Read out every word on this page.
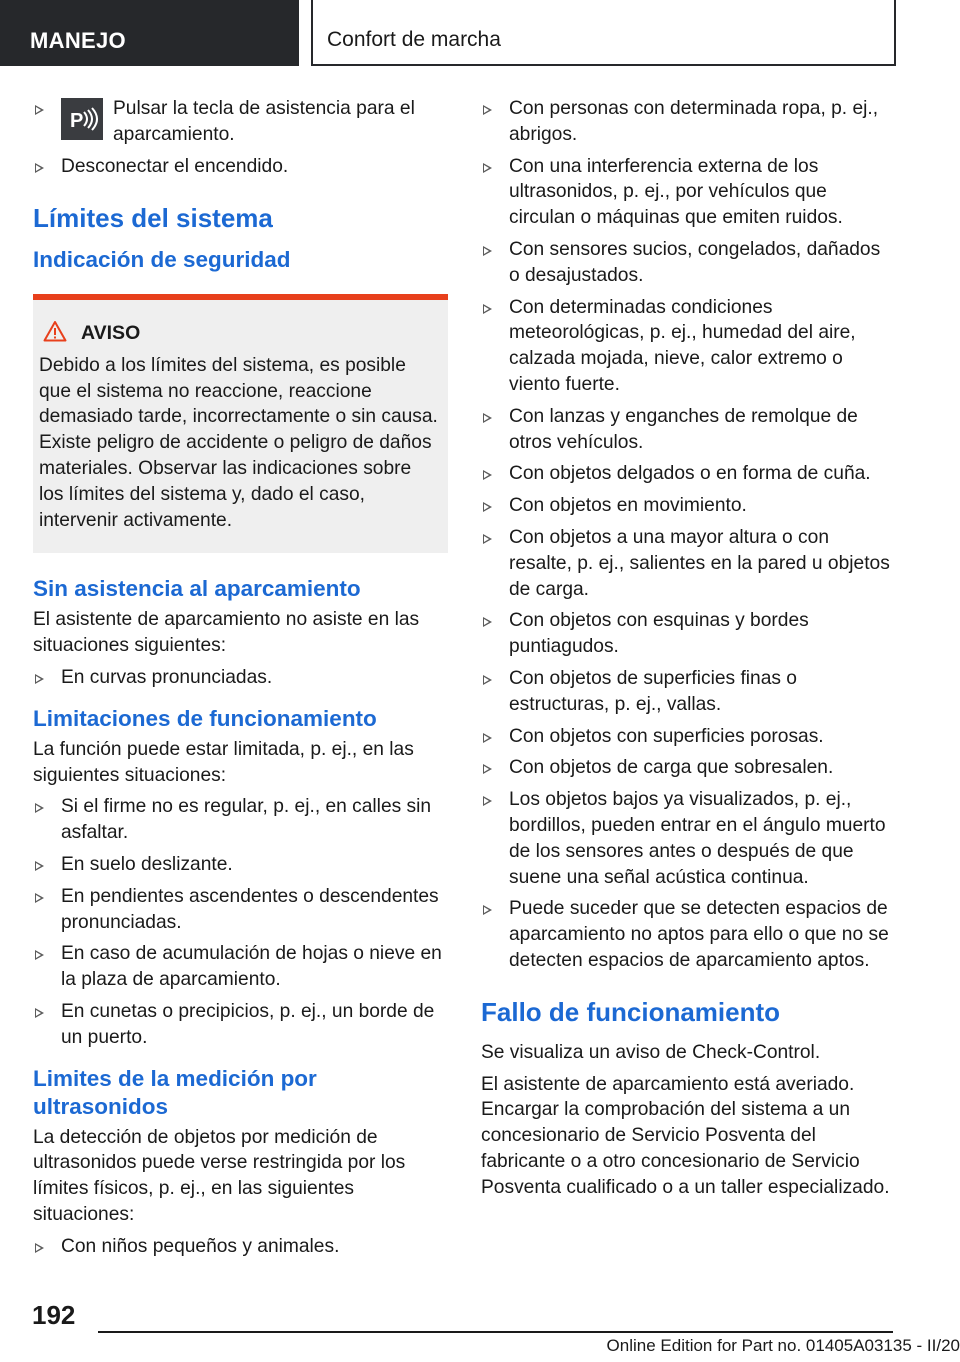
MANEJO	Confort de marcha
P
Pulsar la tecla de asistencia para el aparcamiento.
Desconectar el encendido.
Límites del sistema
Indicación de seguridad
AVISO
Debido a los límites del sistema, es posible que el sistema no reaccione, reaccione demasiado tarde, incorrectamente o sin causa. Existe peligro de accidente o peligro de daños materiales. Observar las indicaciones sobre los límites del sistema y, dado el caso, intervenir activamente.
Sin asistencia al aparcamiento
El asistente de aparcamiento no asiste en las situaciones siguientes:
En curvas pronunciadas.
Limitaciones de funcionamiento
La función puede estar limitada, p. ej., en las siguientes situaciones:
Si el firme no es regular, p. ej., en calles sin asfaltar.
En suelo deslizante.
En pendientes ascendentes o descendentes pronunciadas.
En caso de acumulación de hojas o nieve en la plaza de aparcamiento.
En cunetas o precipicios, p. ej., un borde de un puerto.
Limites de la medición por ultrasonidos
La detección de objetos por medición de ultrasonidos puede verse restringida por los límites físicos, p. ej., en las siguientes situaciones:
Con niños pequeños y animales.
Con personas con determinada ropa, p. ej., abrigos.
Con una interferencia externa de los ultrasonidos, p. ej., por vehículos que circulan o máquinas que emiten ruidos.
Con sensores sucios, congelados, dañados o desajustados.
Con determinadas condiciones meteorológicas, p. ej., humedad del aire, calzada mojada, nieve, calor extremo o viento fuerte.
Con lanzas y enganches de remolque de otros vehículos.
Con objetos delgados o en forma de cuña.
Con objetos en movimiento.
Con objetos a una mayor altura o con resalte, p. ej., salientes en la pared u objetos de carga.
Con objetos con esquinas y bordes puntiagudos.
Con objetos de superficies finas o estructuras, p. ej., vallas.
Con objetos con superficies porosas.
Con objetos de carga que sobresalen.
Los objetos bajos ya visualizados, p. ej., bordillos, pueden entrar en el ángulo muerto de los sensores antes o después de que suene una señal acústica continua.
Puede suceder que se detecten espacios de aparcamiento no aptos para ello o que no se detecten espacios de aparcamiento aptos.
Fallo de funcionamiento
Se visualiza un aviso de Check-Control.
El asistente de aparcamiento está averiado. Encargar la comprobación del sistema a un concesionario de Servicio Posventa del fabricante o a otro concesionario de Servicio Posventa cualificado o a un taller especializado.
192
Online Edition for Part no. 01405A03135 - II/20
